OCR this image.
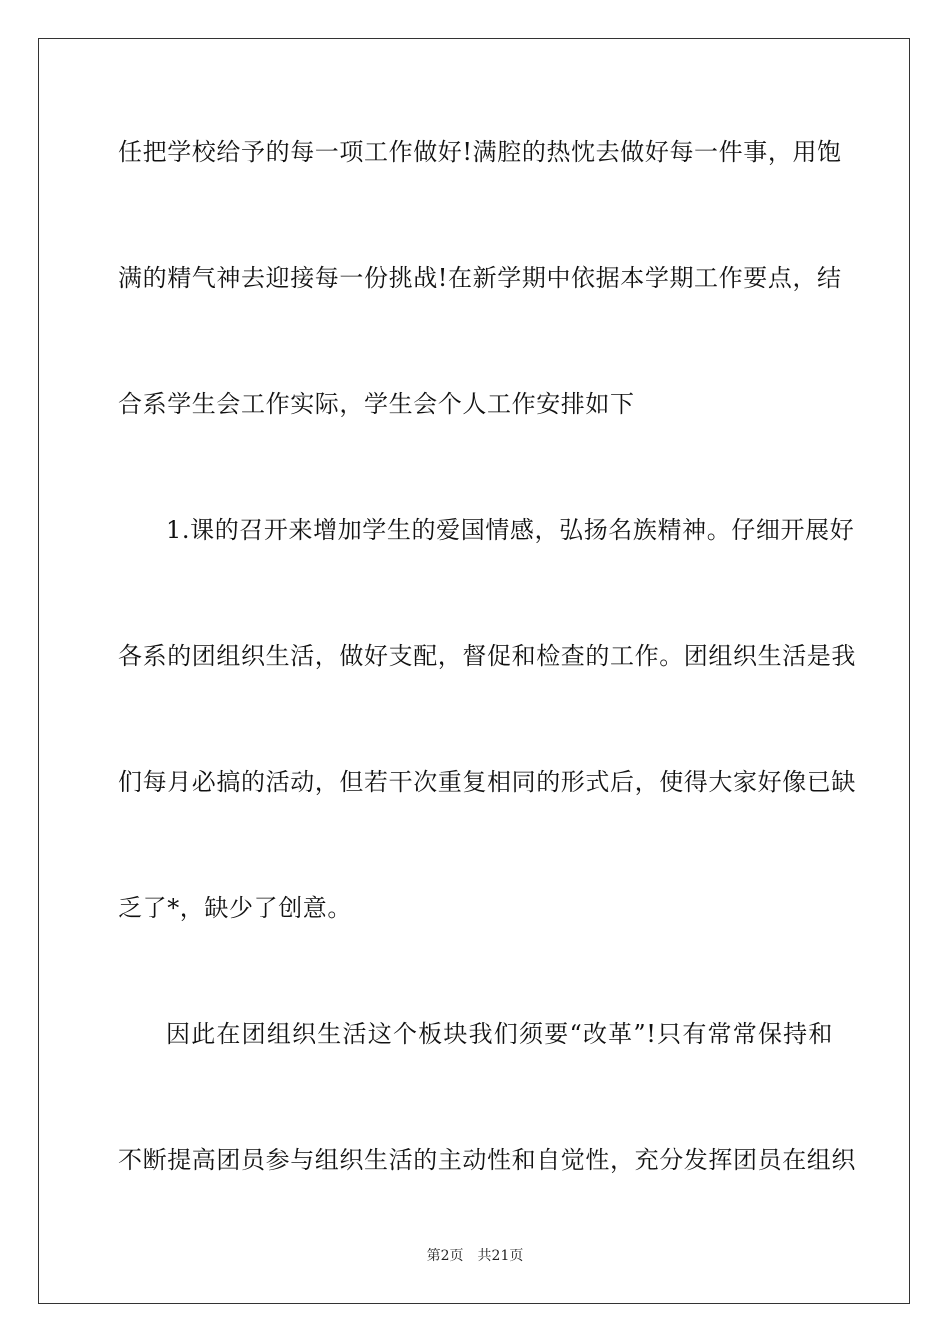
任把学校给予的每一项工作做好!满腔的热忱去做好每一件事，用饱
满的精气神去迎接每一份挑战!在新学期中依据本学期工作要点，结
合系学生会工作实际，学生会个人工作安排如下
1.课的召开来增加学生的爱国情感，弘扬名族精神。仔细开展好
各系的团组织生活，做好支配，督促和检查的工作。团组织生活是我
们每月必搞的活动，但若干次重复相同的形式后，使得大家好像已缺
乏了*，缺少了创意。
因此在团组织生活这个板块我们须要“改革”!只有常常保持和
不断提高团员参与组织生活的主动性和自觉性，充分发挥团员在组织
第2页 共21页
